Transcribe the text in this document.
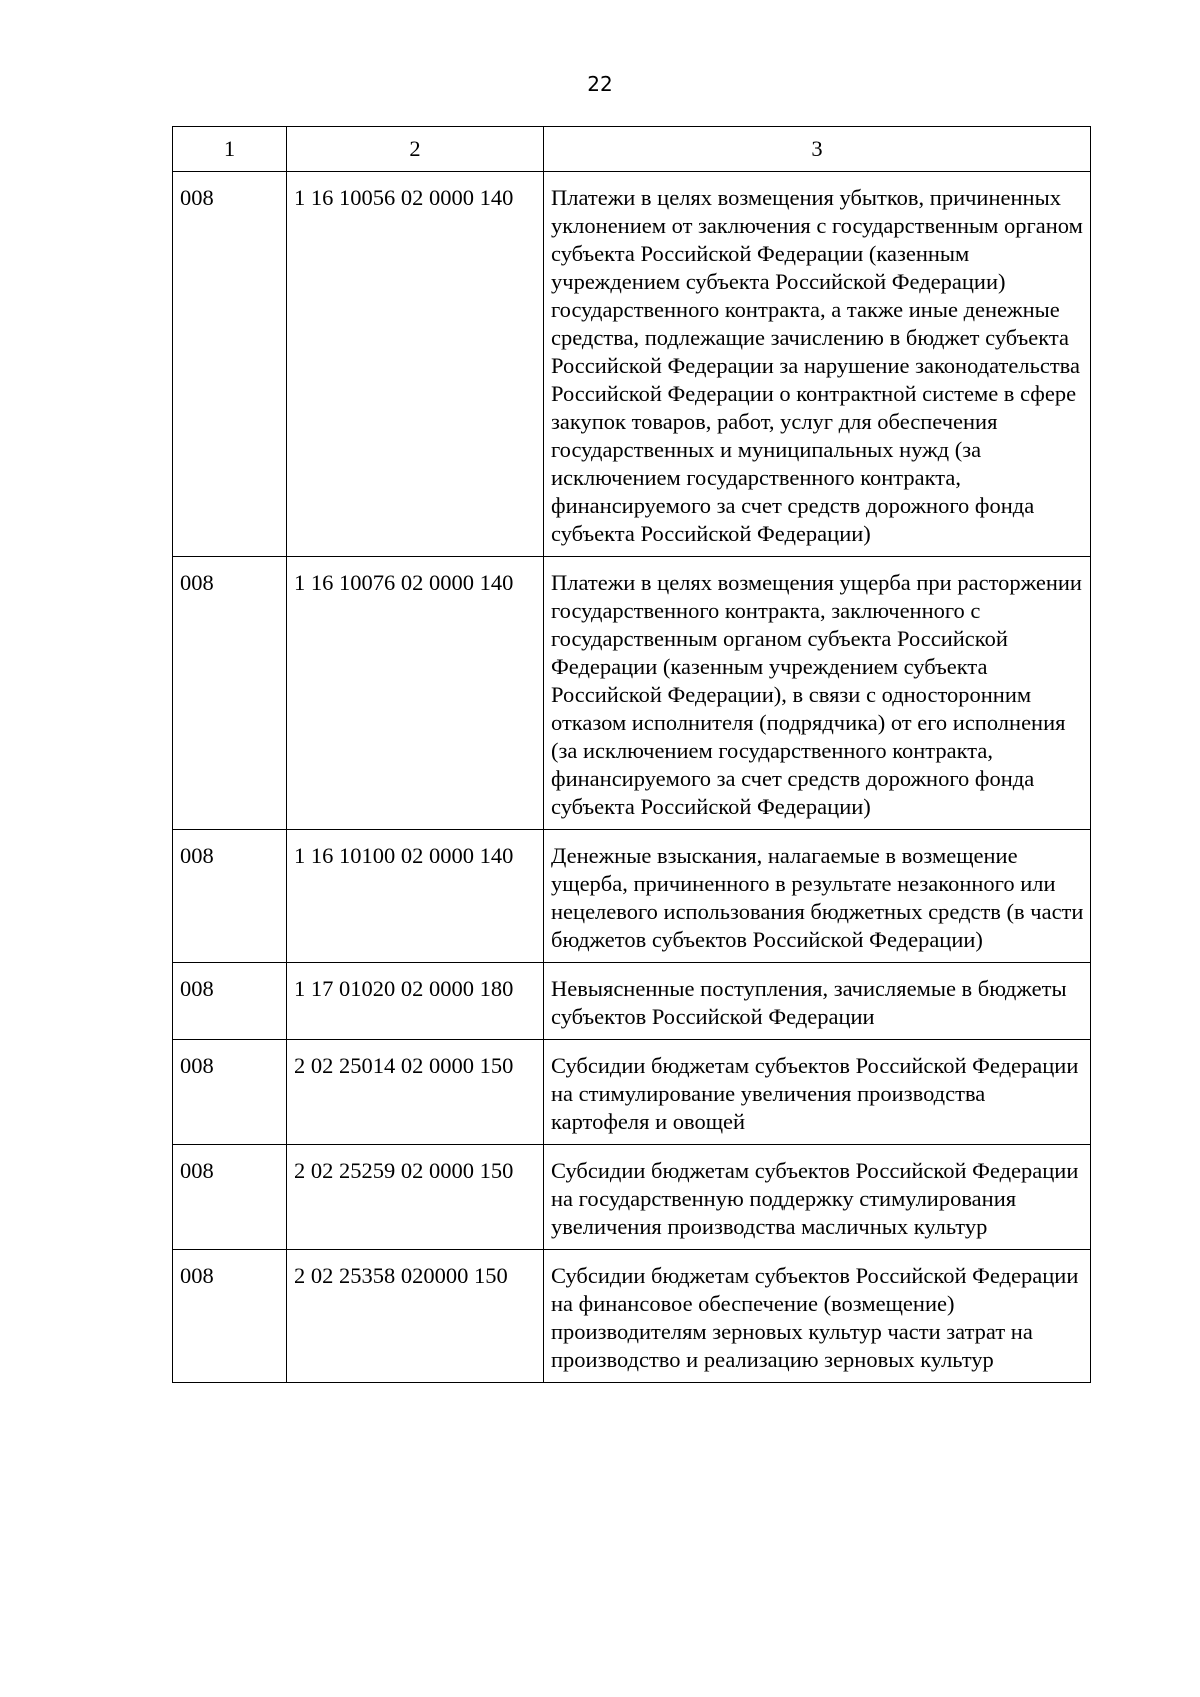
22
1	2	3
008	1 16 10056 02 0000 140	Платежи в целях возмещения убытков, причиненных уклонением от заключения с государственным органом субъекта Российской Федерации (казенным учреждением субъекта Российской Федерации) государственного контракта, а также иные денежные средства, подлежащие зачислению в бюджет субъекта Российской Федерации за нарушение законодательства Российской Федерации о контрактной системе в сфере закупок товаров, работ, услуг для обеспечения государственных и муниципальных нужд (за исключением государственного контракта, финансируемого за счет средств дорожного фонда субъекта Российской Федерации)
008	1 16 10076 02 0000 140	Платежи в целях возмещения ущерба при расторжении государственного контракта, заключенного с государственным органом субъекта Российской Федерации (казенным учреждением субъекта Российской Федерации), в связи с односторонним отказом исполнителя (подрядчика) от его исполнения (за исключением государственного контракта, финансируемого за счет средств дорожного фонда субъекта Российской Федерации)
008	1 16 10100 02 0000 140	Денежные взыскания, налагаемые в возмещение ущерба, причиненного в результате незаконного или нецелевого использования бюджетных средств (в части бюджетов субъектов Российской Федерации)
008	1 17 01020 02 0000 180	Невыясненные поступления, зачисляемые в бюджеты субъектов Российской Федерации
008	2 02 25014 02 0000 150	Субсидии бюджетам субъектов Российской Федерации на стимулирование увеличения производства картофеля и овощей
008	2 02 25259 02 0000 150	Субсидии бюджетам субъектов Российской Федерации на государственную поддержку стимулирования увеличения производства масличных культур
008	2 02 25358 020000 150	Субсидии бюджетам субъектов Российской Федерации на финансовое обеспечение (возмещение) производителям зерновых культур части затрат на производство и реализацию зерновых культур
